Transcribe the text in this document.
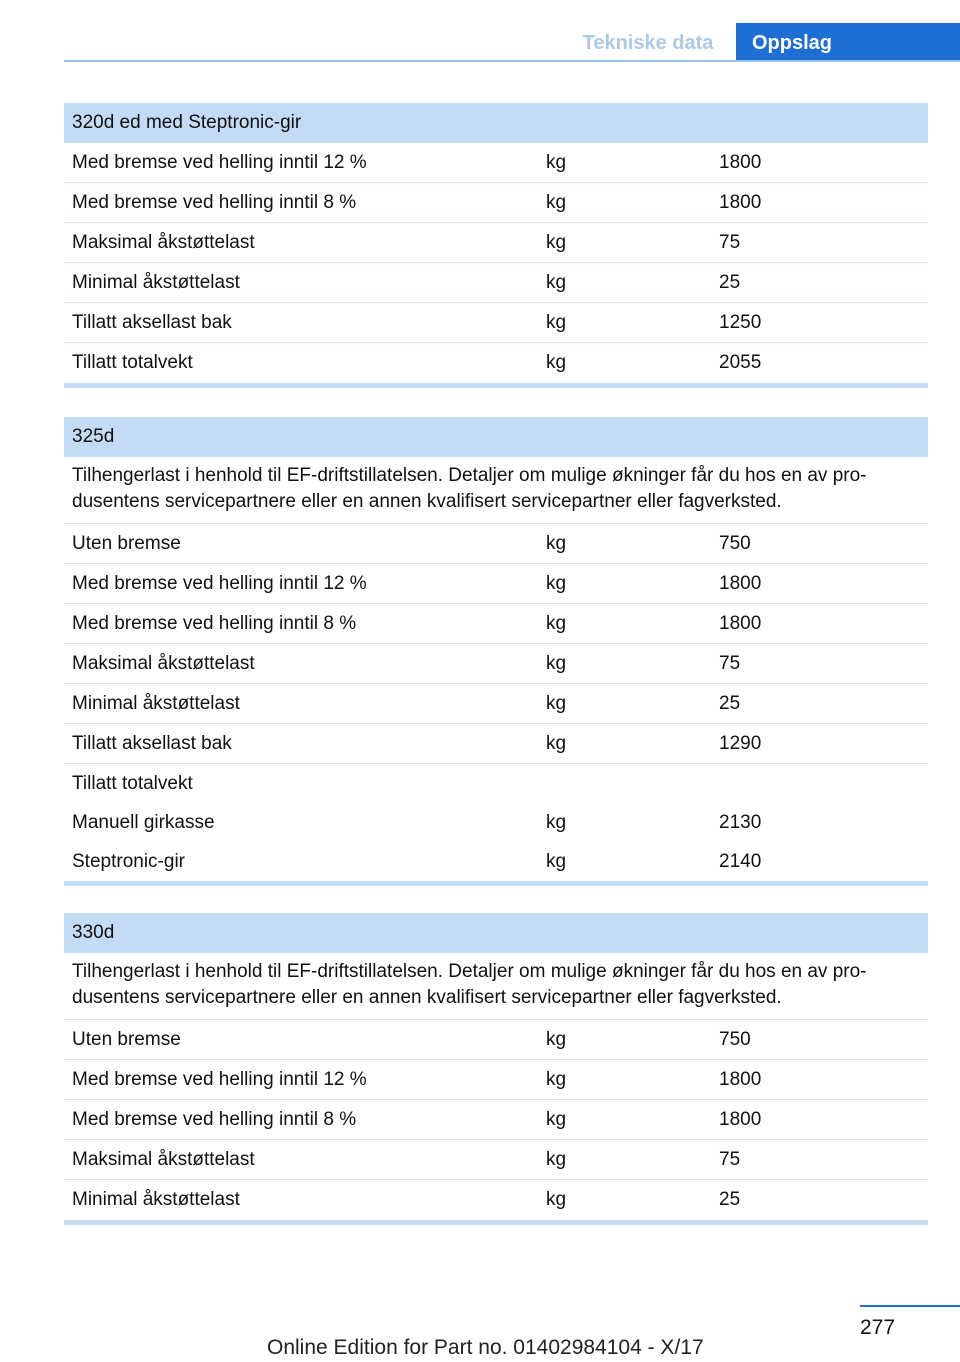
Tekniske data	Oppslag
320d ed med Steptronic-gir
Med bremse ved helling inntil 12 %	kg	1800
Med bremse ved helling inntil 8 %	kg	1800
Maksimal åkstøttelast	kg	75
Minimal åkstøttelast	kg	25
Tillatt aksellast bak	kg	1250
Tillatt totalvekt	kg	2055
325d
Tilhengerlast i henhold til EF-driftstillatelsen. Detaljer om mulige økninger får du hos en av pro-dusentens servicepartnere eller en annen kvalifisert servicepartner eller fagverksted.
Uten bremse	kg	750
Med bremse ved helling inntil 12 %	kg	1800
Med bremse ved helling inntil 8 %	kg	1800
Maksimal åkstøttelast	kg	75
Minimal åkstøttelast	kg	25
Tillatt aksellast bak	kg	1290
Tillatt totalvekt
Manuell girkasse	kg	2130
Steptronic-gir	kg	2140
330d
Tilhengerlast i henhold til EF-driftstillatelsen. Detaljer om mulige økninger får du hos en av pro-dusentens servicepartnere eller en annen kvalifisert servicepartner eller fagverksted.
Uten bremse	kg	750
Med bremse ved helling inntil 12 %	kg	1800
Med bremse ved helling inntil 8 %	kg	1800
Maksimal åkstøttelast	kg	75
Minimal åkstøttelast	kg	25
277
Online Edition for Part no. 01402984104 - X/17
